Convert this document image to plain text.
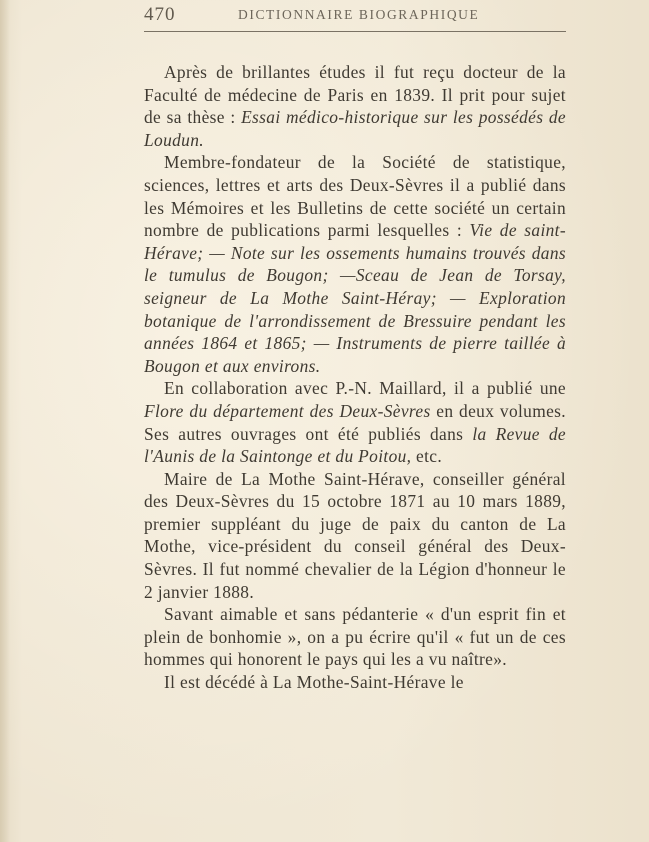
470	DICTIONNAIRE BIOGRAPHIQUE

Après de brillantes études il fut reçu docteur de la Faculté de médecine de Paris en 1839. Il prit pour sujet de sa thèse : Essai médico-historique sur les possédés de Loudun.

Membre-fondateur de la Société de statistique, sciences, lettres et arts des Deux-Sèvres il a publié dans les Mémoires et les Bulletins de cette société un certain nombre de publications parmi lesquelles : Vie de saint-Hérave; — Note sur les ossements humains trouvés dans le tumulus de Bougon; —Sceau de Jean de Torsay, seigneur de La Mothe Saint-Héray; — Exploration botanique de l'arrondissement de Bressuire pendant les années 1864 et 1865; — Instruments de pierre taillée à Bougon et aux environs.

En collaboration avec P.-N. Maillard, il a publié une Flore du département des Deux-Sèvres en deux volumes. Ses autres ouvrages ont été publiés dans la Revue de l'Aunis de la Saintonge et du Poitou, etc.

Maire de La Mothe Saint-Hérave, conseiller général des Deux-Sèvres du 15 octobre 1871 au 10 mars 1889, premier suppléant du juge de paix du canton de La Mothe, vice-président du conseil général des Deux-Sèvres. Il fut nommé chevalier de la Légion d'honneur le 2 janvier 1888.

Savant aimable et sans pédanterie « d'un esprit fin et plein de bonhomie », on a pu écrire qu'il « fut un de ces hommes qui honorent le pays qui les a vu naître».

Il est décédé à La Mothe-Saint-Hérave le
